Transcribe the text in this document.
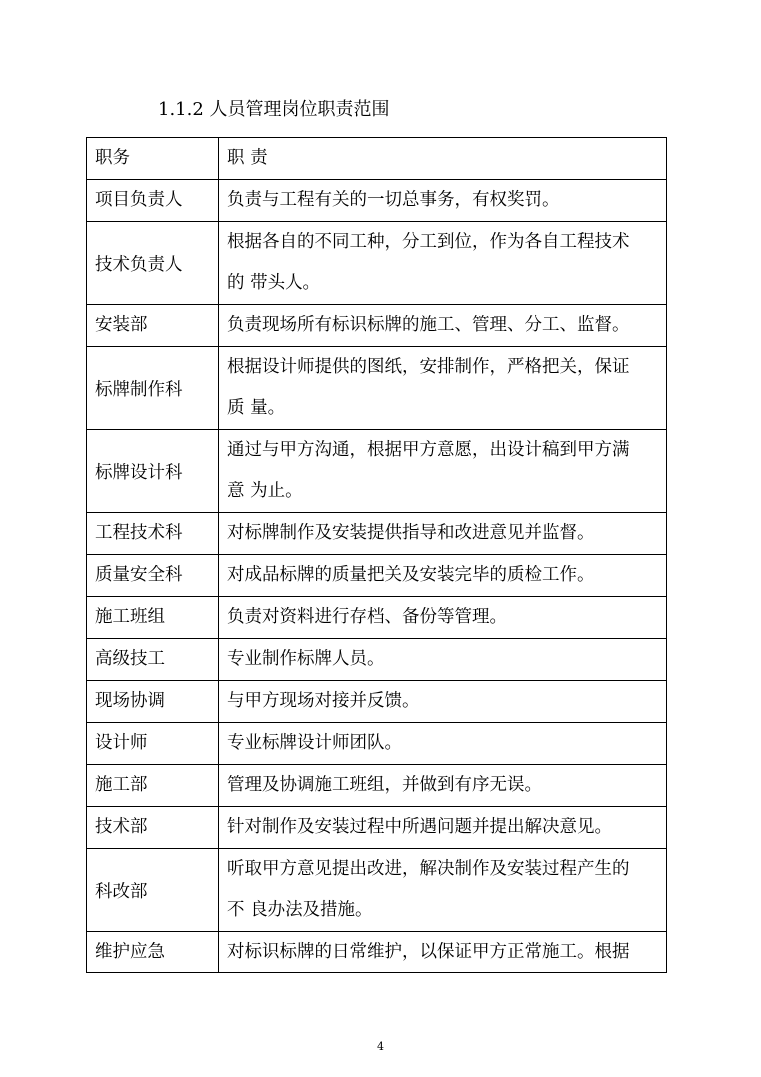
1.1.2 人员管理岗位职责范围
职务	职 责
项目负责人	负责与工程有关的一切总事务，有权奖罚。
技术负责人	根据各自的不同工种，分工到位，作为各自工程技术
的 带头人。

安装部	负责现场所有标识标牌的施工、管理、分工、监督。
标牌制作科	根据设计师提供的图纸，安排制作，严格把关，保证
质 量。

标牌设计科	通过与甲方沟通，根据甲方意愿，出设计稿到甲方满
意 为止。

工程技术科	对标牌制作及安装提供指导和改进意见并监督。
质量安全科	对成品标牌的质量把关及安装完毕的质检工作。
施工班组	负责对资料进行存档、备份等管理。
高级技工	专业制作标牌人员。
现场协调	与甲方现场对接并反馈。
设计师	专业标牌设计师团队。
施工部	管理及协调施工班组，并做到有序无误。
技术部	针对制作及安装过程中所遇问题并提出解决意见。
科改部	听取甲方意见提出改进，解决制作及安装过程产生的
不 良办法及措施。

维护应急	对标识标牌的日常维护，以保证甲方正常施工。根据
4
